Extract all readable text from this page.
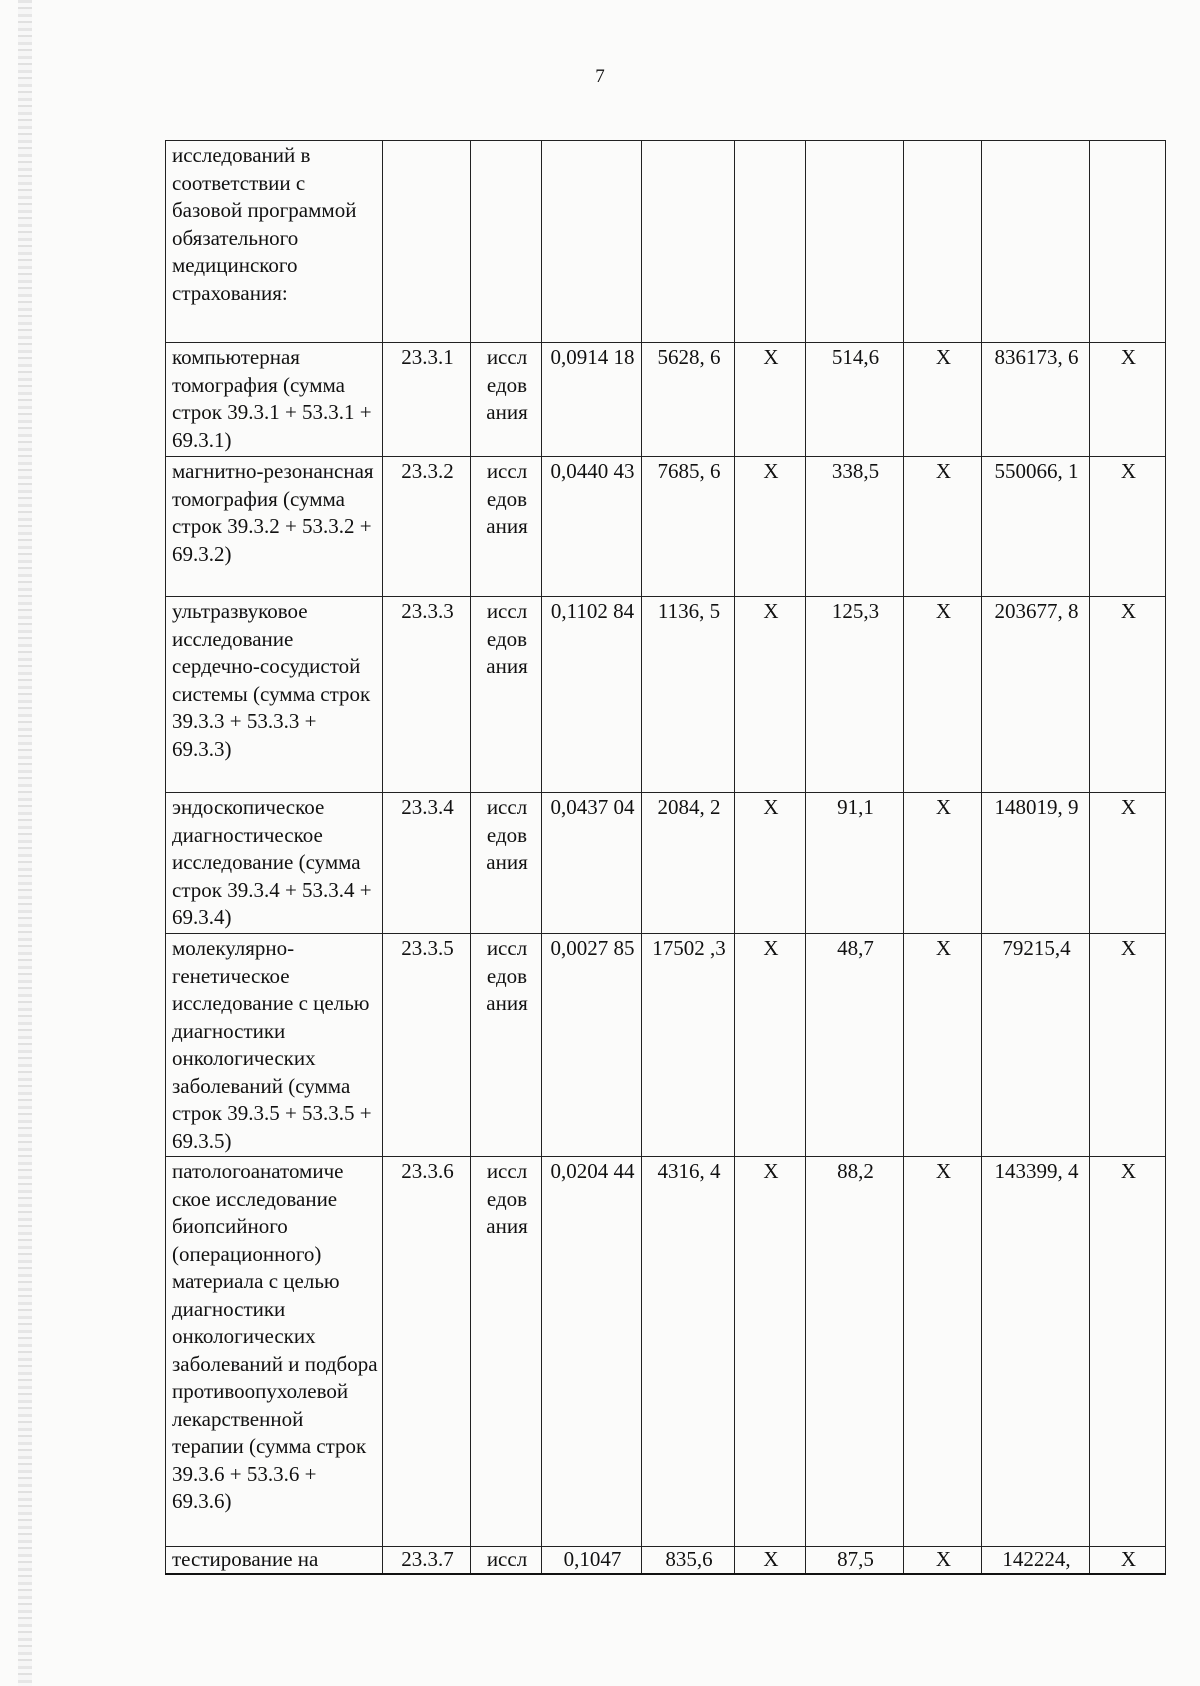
7
исследований в соответствии с базовой программой обязательного медицинского страхования:									
компьютерная томография (сумма строк 39.3.1 + 53.3.1 + 69.3.1)	23.3.1	иссл едов ания	0,0914 18	5628, 6	X	514,6	X	836173, 6	X
магнитно-резонансная томография (сумма строк 39.3.2 + 53.3.2 + 69.3.2)	23.3.2	иссл едов ания	0,0440 43	7685, 6	X	338,5	X	550066, 1	X
ультразвуковое исследование сердечно-сосудистой системы (сумма строк 39.3.3 + 53.3.3 + 69.3.3)	23.3.3	иссл едов ания	0,1102 84	1136, 5	X	125,3	X	203677, 8	X
эндоскопическое диагностическое исследование (сумма строк 39.3.4 + 53.3.4 + 69.3.4)	23.3.4	иссл едов ания	0,0437 04	2084, 2	X	91,1	X	148019, 9	X
молекулярно-генетическое исследование с целью диагностики онкологических заболеваний (сумма строк 39.3.5 + 53.3.5 + 69.3.5)	23.3.5	иссл едов ания	0,0027 85	17502 ,3	X	48,7	X	79215,4	X
патологоанатомиче ское исследование биопсийного (операционного) материала с целью диагностики онкологических заболеваний и подбора противоопухолевой лекарственной терапии (сумма строк 39.3.6 + 53.3.6 + 69.3.6)	23.3.6	иссл едов ания	0,0204 44	4316, 4	X	88,2	X	143399, 4	X
тестирование на	23.3.7	иссл	0,1047	835,6	X	87,5	X	142224,	X
